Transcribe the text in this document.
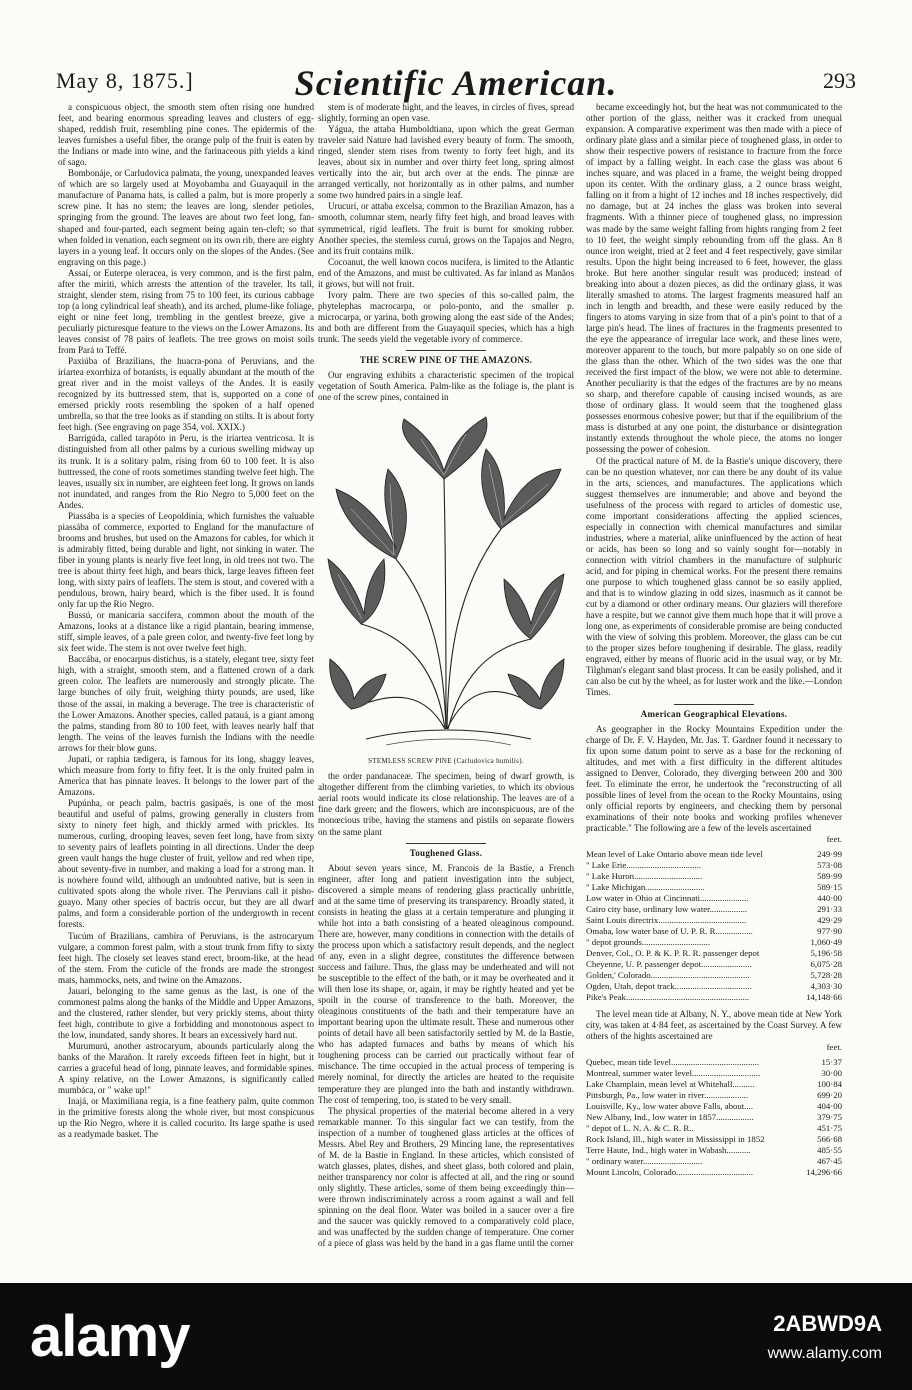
May 8, 1875.]	Scientific American.	293

a conspicuous object, the smooth stem often rising one hundred feet, and bearing enormous spreading leaves and clusters of egg-shaped, reddish fruit, resembling pine cones. The epidermis of the leaves furnishes a useful fiber, the orange pulp of the fruit is eaten by the Indians or made into wine, and the farinaceous pith yields a kind of sago.

Bombonáje, or Carludovica palmata, the young, unexpanded leaves of which are so largely used at Moyobamba and Guayaquil in the manufacture of Panama hats, is called a palm, but is more properly a screw pine. It has no stem; the leaves are long, slender petioles, springing from the ground. The leaves are about two feet long, fan-shaped and four-parted, each segment being again ten-cleft; so that when folded in venation, each segment on its own rib, there are eighty layers in a young leaf. It occurs only on the slopes of the Andes. (See engraving on this page.)

Assaí, or Euterpe oleracea, is very common, and is the first palm, after the miriti, which arrests the attention of the traveler. Its tall, straight, slender stem, rising from 75 to 100 feet, its curious cabbage top (a long cylindrical leaf sheath), and its arched, plume-like foliage, eight or nine feet long, trembling in the gentlest breeze, give a peculiarly picturesque feature to the views on the Lower Amazons. Its leaves consist of 78 pairs of leaflets. The tree grows on moist soils from Pará to Teffé.

Paxiúba of Brazilians, the huacra-pona of Peruvians, and the iriartea exorrhiza of botanists, is equally abundant at the mouth of the great river and in the moist valleys of the Andes. It is easily recognized by its buttressed stem, that is, supported on a cone of emersed prickly roots resembling the spoken of a half opened umbrella, so that the tree looks as if standing on stilts. It is about forty feet high. (See engraving on page 354, vol. XXIX.)

Barrigúda, called tarapóto in Peru, is the iriartea ventricosa. It is distinguished from all other palms by a curious swelling midway up its trunk. It is a solitary palm, rising from 60 to 100 feet. It is also buttressed, the cone of roots sometimes standing twelve feet high. The leaves, usually six in number, are eighteen feet long. It grows on lands not inundated, and ranges from the Rio Negro to 5,000 feet on the Andes.

Piassába is a species of Leopoldinia, which furnishes the valuable piassába of commerce, exported to England for the manufacture of brooms and brushes, but used on the Amazons for cables, for which it is admirably fitted, being durable and light, not sinking in water. The fiber in young plants is nearly five feet long, in old trees not two. The tree is about thirty feet high, and bears thick, large leaves fifteen feet long, with sixty pairs of leaflets. The stem is stout, and covered with a pendulous, brown, hairy beard, which is the fiber used. It is found only far up the Rio Negro.

Bussú, or manicaria saccifera, common about the mouth of the Amazons, looks at a distance like a rigid plantain, bearing immense, stiff, simple leaves, of a pale green color, and twenty-five feet long by six feet wide. The stem is not over twelve feet high.

Baccába, or enocarpus distichus, is a stately, elegant tree, sixty feet high, with a straight, smooth stem, and a flattened crown of a dark green color. The leaflets are numerously and strongly plicate. The large bunches of oily fruit, weighing thirty pounds, are used, like those of the assaí, in making a beverage. The tree is characteristic of the Lower Amazons. Another species, called patauá, is a giant among the palms, standing from 80 to 100 feet, with leaves nearly half that length. The veins of the leaves furnish the Indians with the needle arrows for their blow guns.

Jupatí, or raphia tædigera, is famous for its long, shaggy leaves, which measure from forty to fifty feet. It is the only fruited palm in America that has pinnate leaves. It belongs to the lower part of the Amazons.

Pupúnha, or peach palm, bactris gasipaës, is one of the most beautiful and useful of palms, growing generally in clusters from sixty to ninety feet high, and thickly armed with prickles. Its numerous, curling, drooping leaves, seven feet long, have from sixty to seventy pairs of leaflets pointing in all directions. Under the deep green vault hangs the huge cluster of fruit, yellow and red when ripe, about seventy-five in number, and making a load for a strong man. It is nowhere found wild, although an undoubted native, but is seen in cultivated spots along the whole river. The Peruvians call it pisho-guayo. Many other species of bactris occur, but they are all dwarf palms, and form a considerable portion of the undergrowth in recent forests.

Tucúm of Brazilians, cambíra of Peruvians, is the astrocaryum vulgare, a common forest palm, with a stout trunk from fifty to sixty feet high. The closely set leaves stand erect, broom-like, at the head of the stem. From the cuticle of the fronds are made the strongest mats, hammocks, nets, and twine on the Amazons.

Jauarí, belonging to the same genus as the last, is one of the commonest palms along the banks of the Middle and Upper Amazons, and the clustered, rather slender, but very prickly stems, about thirty feet high, contribute to give a forbidding and monotonous aspect to the low, inundated, sandy shores. It bears an excessively hard nut.

Murumurú, another astrocaryum, abounds particularly along the banks of the Marañon. It rarely exceeds fifteen feet in hight, but it carries a graceful head of long, pinnate leaves, and formidable spines. A spiny relative, on the Lower Amazons, is significantly called mumbáca, or " wake up!"

Inajá, or Maximiliana regia, is a fine feathery palm, quite common in the primitive forests along the whole river, but most conspicuous up the Rio Negro, where it is called cocurito. Its large spathe is used as a readymade basket. The

stem is of moderate hight, and the leaves, in circles of fives, spread slightly, forming an open vase.

Yágua, the attaba Humboldtiana, upon which the great German traveler said Nature had lavished every beauty of form. The smooth, ringed, slender stem rises from twenty to forty feet high, and its leaves, about six in number and over thirty feet long, spring almost vertically into the air, but arch over at the ends. The pinnæ are arranged vertically, not horizontally as in other palms, and number some two hundred pairs in a single leaf.

Urucurí, or attaba excelsa, common to the Brazilian Amazon, has a smooth, columnar stem, nearly fifty feet high, and broad leaves with symmetrical, rigid leaflets. The fruit is burnt for smoking rubber. Another species, the stemless curuá, grows on the Tapajos and Negro, and its fruit contains milk.

Cocoanut, the well known cocos nucifera, is limited to the Atlantic end of the Amazons, and must be cultivated. As far inland as Manãos it grows, but will not fruit.

Ivory palm. There are two species of this so-called palm, the phytelephas macrocarpa, or polo-ponto, and the smaller p. microcarpa, or yarina, both growing along the east side of the Andes; and both are different from the Guayaquil species, which has a high trunk. The seeds yield the vegetable ivory of commerce.

THE SCREW PINE OF THE AMAZONS.

Our engraving exhibits a characteristic specimen of the tropical vegetation of South America. Palm-like as the foliage is, the plant is one of the screw pines, contained in

STEMLESS SCREW PINE (Carludovica humilis).

the order pandanaceæ. The specimen, being of dwarf growth, is altogether different from the climbing varieties, to which its obvious aerial roots would indicate its close relationship. The leaves are of a fine dark green; and the flowers, which are inconspicuous, are of the monœcious tribe, having the stamens and pistils on separate flowers on the same plant

Toughened Glass.

About seven years since, M. Francois de la Bastie, a French engineer, after long and patient investigation into the subject, discovered a simple means of rendering glass practically unbrittle, and at the same time of preserving its transparency. Broadly stated, it consists in heating the glass at a certain temperature and plunging it while hot into a bath consisting of a heated oleaginous compound. There are, however, many conditions in connection with the details of the process upon which a satisfactory result depends, and the neglect of any, even in a slight degree, constitutes the difference between success and failure. Thus, the glass may be underheated and will not be susceptible to the effect of the bath, or it may be overheated and it will then lose its shape, or, again, it may be rightly heated and yet be spoilt in the course of transference to the bath. Moreover, the oleaginous constituents of the bath and their temperature have an important bearing upon the ultimate result. These and numerous other points of detail have all been satisfactorily settled by M. de la Bastie, who has adapted furnaces and baths by means of which his toughening process can be carried out practically without fear of mischance. The time occupied in the actual process of tempering is merely nominal, for directly the articles are heated to the requisite temperature they are plunged into the bath and instantly withdrawn. The cost of tempering, too, is stated to be very small.

The physical properties of the material become altered in a very remarkable manner. To this singular fact we can testify, from the inspection of a number of toughened glass articles at the offices of Messrs. Abel Rey and Brothers, 29 Mincing lane, the representatives of M. de la Bastie in England. In these articles, which consisted of watch glasses, plates, dishes, and sheet glass, both colored and plain, neither transparency nor color is affected at all, and the ring or sound only slightly. These articles, some of them being exceedingly thin—were thrown indiscriminately across a room against a wall and fell spinning on the deal floor. Water was boiled in a saucer over a fire and the saucer was quickly removed to a comparatively cold place, and was unaffected by the sudden change of temperature. One corner of a piece of glass was held by the hand in a gas flame until the corner

became exceedingly hot, but the heat was not communicated to the other portion of the glass, neither was it cracked from unequal expansion. A comparative experiment was then made with a piece of ordinary plate glass and a similar piece of toughened glass, in order to show their respective powers of resistance to fracture from the force of impact by a falling weight. In each case the glass was about 6 inches square, and was placed in a frame, the weight being dropped upon its center. With the ordinary glass, a 2 ounce brass weight, falling on it from a hight of 12 inches and 18 inches respectively, did no damage, but at 24 inches the glass was broken into several fragments. With a thinner piece of toughened glass, no impression was made by the same weight falling from hights ranging from 2 feet to 10 feet, the weight simply rebounding from off the glass. An 8 ounce iron weight, tried at 2 feet and 4 feet respectively, gave similar results. Upon the hight being increased to 6 feet, however, the glass broke. But here another singular result was produced; instead of breaking into about a dozen pieces, as did the ordinary glass, it was literally smashed to atoms. The largest fragments measured half an inch in length and breadth, and these were easily reduced by the fingers to atoms varying in size from that of a pin's point to that of a large pin's head. The lines of fractures in the fragments presented to the eye the appearance of irregular lace work, and these lines were, moreover apparent to the touch, but more palpably so on one side of the glass than the other. Which of the two sides was the one that received the first impact of the blow, we were not able to determine. Another peculiarity is that the edges of the fractures are by no means so sharp, and therefore capable of causing incised wounds, as are those of ordinary glass. It would seem that the toughened glass possesses enormous cohesive power; but that if the equilibrium of the mass is disturbed at any one point, the disturbance or disintegration instantly extends throughout the whole piece, the atoms no longer possessing the power of cohesion.

Of the practical nature of M. de la Bastie's unique discovery, there can be no question whatever, nor can there be any doubt of its value in the arts, sciences, and manufactures. The applications which suggest themselves are innumerable; and above and beyond the usefulness of the process with regard to articles of domestic use, come important considerations affecting the applied sciences, especially in connection with chemical manufactures and similar industries, where a material, alike uninfluenced by the action of heat or acids, has been so long and so vainly sought for—notably in connection with vitriol chambers in the manufacture of sulphuric acid, and for piping in chemical works. For the present there remains one purpose to which toughened glass cannot be so easily applied, and that is to window glazing in odd sizes, inasmuch as it cannot be cut by a diamond or other ordinary means. Our glaziers will therefore have a respite, but we cannot give them much hope that it will prove a long one, as experiments of considerable promise are being conducted with the view of solving this problem. Moreover, the glass can be cut to the proper sizes before toughening if desirable. The glass, readily engraved, either by means of fluoric acid in the usual way, or by Mr. Tilghman's elegant sand blast process. It can be easily polished, and it can also be cut by the wheel, as for luster work and the like.—London Times.

American Geographical Elevations.

As geographer in the Rocky Mountains Expedition under the charge of Dr. F. V. Hayden, Mr. Jas. T. Gardner found it necessary to fix upon some datum point to serve as a base for the reckoning of altitudes, and met with a first difficulty in the different altitudes assigned to Denver, Colorado, they diverging between 200 and 300 feet. To eliminate the error, he undertook the "reconstructing of all possible lines of level from the ocean to the Rocky Mountains, using only official reports by engineers, and checking them by personal examinations of their note books and working profiles whenever practicable." The following are a few of the levels ascertained

feet.
Mean level of Lake Ontario above mean tide level	249·99
" Lake Erie..................................	573·08
" Lake Huron...............................	589·99
" Lake Michigan...........................	589·15
Low water in Ohio at Cincinnati......................	440·00
Cairo city base, ordinary low water.................	291·33
Saint Louis directrix........................................	429·29
Omaha, low water base of U. P. R. R.................	977·90
" depot grounds...............................	1,060·49
Denver, Col., O. P. & K. P. R. R. passenger depot	5,196·58
Cheyenne, U. P. passenger depot.......................	6,075·28
Golden,' Colorado.............................................	5,728·28
Ogden, Utah, depot track...................................	4,303·30
Pike's Peak........................................................	14,148·66

The level mean tide at Albany, N. Y., above mean tide at New York city, was taken at 4·84 feet, as ascertained by the Coast Survey. A few others of the hights ascertained are

feet.
Quebec, mean tide level........................................	15·37
Montreal, summer water level...............................	30·00
Lake Champlain, mean level at Whitehall..........	100·84
Pittsburgh, Pa., low water in river....................	699·20
Louisville, Ky., low water above Falls, about....	404·00
New Albany, Ind., low water in 1857.................	379·75
" depot of L. N. A. & C. R. R..	451·75
Rock Island, Ill., high water in Mississippi in 1852	566·68
Terre Haute, Ind., high water in Wabash...........	485·55
" ordinary water...........................	467·45
Mount Lincoln, Colorado...................................	14,296·66
alamy	2ABWD9A
www.alamy.com
